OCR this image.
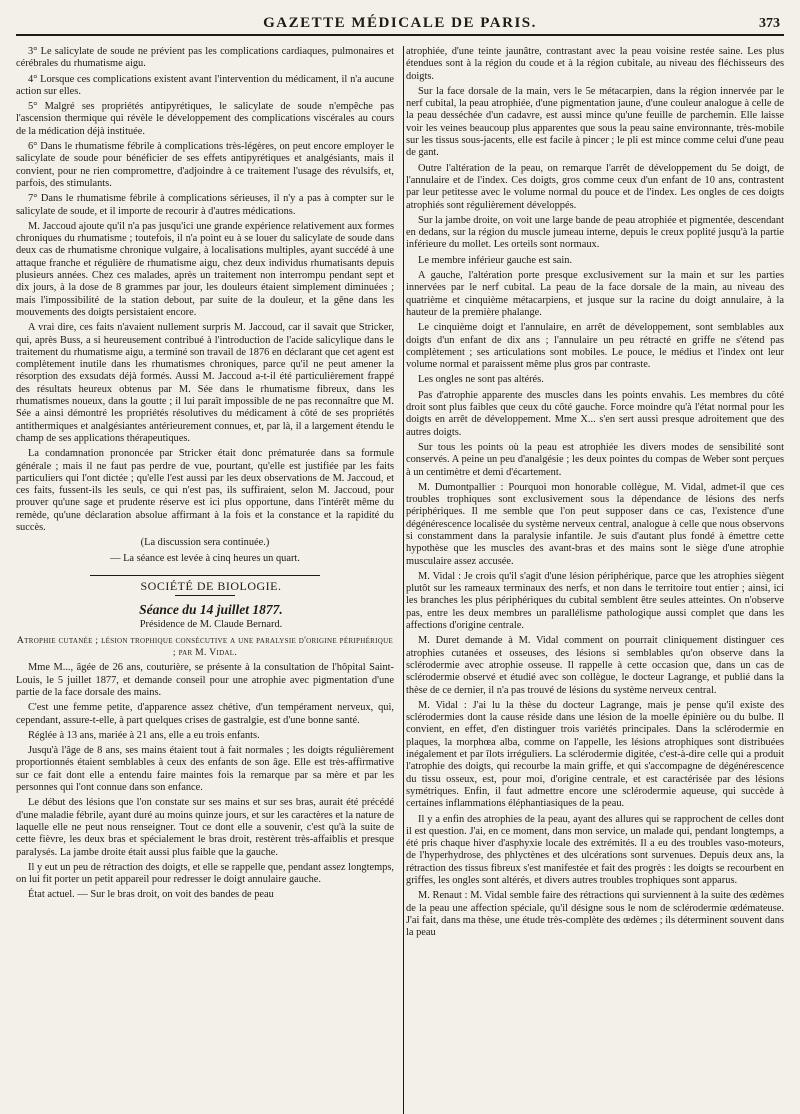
GAZETTE MÉDICALE DE PARIS.	373

3° Le salicylate de soude ne prévient pas les complications cardiaques, pulmonaires et cérébrales du rhumatisme aigu.

4° Lorsque ces complications existent avant l'intervention du médicament, il n'a aucune action sur elles.

5° Malgré ses propriétés antipyrétiques, le salicylate de soude n'empêche pas l'ascension thermique qui révèle le développement des complications viscérales au cours de la médication déjà instituée.

6° Dans le rhumatisme fébrile à complications très-légères, on peut encore employer le salicylate de soude pour bénéficier de ses effets antipyrétiques et analgésiants, mais il convient, pour ne rien compromettre, d'adjoindre à ce traitement l'usage des révulsifs, et, parfois, des stimulants.

7° Dans le rhumatisme fébrile à complications sérieuses, il n'y a pas à compter sur le salicylate de soude, et il importe de recourir à d'autres médications.

M. Jaccoud ajoute qu'il n'a pas jusqu'ici une grande expérience relativement aux formes chroniques du rhumatisme ; toutefois, il n'a point eu à se louer du salicylate de soude dans deux cas de rhumatisme chronique vulgaire, à localisations multiples, ayant succédé à une attaque franche et régulière de rhumatisme aigu, chez deux individus rhumatisants depuis plusieurs années. Chez ces malades, après un traitement non interrompu pendant sept et dix jours, à la dose de 8 grammes par jour, les douleurs étaient simplement diminuées ; mais l'impossibilité de la station debout, par suite de la douleur, et la gêne dans les mouvements des doigts persistaient encore.

A vrai dire, ces faits n'avaient nullement surpris M. Jaccoud, car il savait que Stricker, qui, après Buss, a si heureusement contribué à l'introduction de l'acide salicylique dans le traitement du rhumatisme aigu, a terminé son travail de 1876 en déclarant que cet agent est complètement inutile dans les rhumatismes chroniques, parce qu'il ne peut amener la résorption des exsudats déjà formés. Aussi M. Jaccoud a-t-il été particulièrement frappé des résultats heureux obtenus par M. Sée dans le rhumatisme fibreux, dans les rhumatismes noueux, dans la goutte ; il lui paraît impossible de ne pas reconnaître que M. Sée a ainsi démontré les propriétés résolutives du médicament à côté de ses propriétés antithermiques et analgésiantes antérieurement connues, et, par là, il a largement étendu le champ de ses applications thérapeutiques.

La condamnation prononcée par Stricker était donc prématurée dans sa formule générale ; mais il ne faut pas perdre de vue, pourtant, qu'elle est justifiée par les faits particuliers qui l'ont dictée ; qu'elle l'est aussi par les deux observations de M. Jaccoud, et ces faits, fussent-ils les seuls, ce qui n'est pas, ils suffiraient, selon M. Jaccoud, pour prouver qu'une sage et prudente réserve est ici plus opportune, dans l'intérêt même du remède, qu'une déclaration absolue affirmant à la fois et la constance et la rapidité du succès.

(La discussion sera continuée.)

— La séance est levée à cinq heures un quart.

SOCIÉTÉ DE BIOLOGIE.

Séance du 14 juillet 1877.

Présidence de M. Claude Bernard.

Atrophie cutanée ; lésion trophique consécutive a une paralysie d'origine périphérique ; par M. Vidal.

Mme M..., âgée de 26 ans, couturière, se présente à la consultation de l'hôpital Saint-Louis, le 5 juillet 1877, et demande conseil pour une atrophie avec pigmentation d'une partie de la face dorsale des mains.

C'est une femme petite, d'apparence assez chétive, d'un tempérament nerveux, qui, cependant, assure-t-elle, à part quelques crises de gastralgie, est d'une bonne santé.

Réglée à 13 ans, mariée à 21 ans, elle a eu trois enfants.

Jusqu'à l'âge de 8 ans, ses mains étaient tout à fait normales ; les doigts régulièrement proportionnés étaient semblables à ceux des enfants de son âge. Elle est très-affirmative sur ce fait dont elle a entendu faire maintes fois la remarque par sa mère et par les personnes qui l'ont connue dans son enfance.

Le début des lésions que l'on constate sur ses mains et sur ses bras, aurait été précédé d'une maladie fébrile, ayant duré au moins quinze jours, et sur les caractères et la nature de laquelle elle ne peut nous renseigner. Tout ce dont elle a souvenir, c'est qu'à la suite de cette fièvre, les deux bras et spécialement le bras droit, restèrent très-affaiblis et presque paralysés. La jambe droite était aussi plus faible que la gauche.

Il y eut un peu de rétraction des doigts, et elle se rappelle que, pendant assez longtemps, on lui fit porter un petit appareil pour redresser le doigt annulaire gauche.

État actuel. — Sur le bras droit, on voit des bandes de peau

atrophiée, d'une teinte jaunâtre, contrastant avec la peau voisine restée saine. Les plus étendues sont à la région du coude et à la région cubitale, au niveau des fléchisseurs des doigts.

Sur la face dorsale de la main, vers le 5e métacarpien, dans la région innervée par le nerf cubital, la peau atrophiée, d'une pigmentation jaune, d'une couleur analogue à celle de la peau desséchée d'un cadavre, est aussi mince qu'une feuille de parchemin. Elle laisse voir les veines beaucoup plus apparentes que sous la peau saine environnante, très-mobile sur les tissus sous-jacents, elle est facile à pincer ; le pli est mince comme celui d'une peau de gant.

Outre l'altération de la peau, on remarque l'arrêt de développement du 5e doigt, de l'annulaire et de l'index. Ces doigts, gros comme ceux d'un enfant de 10 ans, contrastent par leur petitesse avec le volume normal du pouce et de l'index. Les ongles de ces doigts atrophiés sont régulièrement développés.

Sur la jambe droite, on voit une large bande de peau atrophiée et pigmentée, descendant en dedans, sur la région du muscle jumeau interne, depuis le creux poplité jusqu'à la partie inférieure du mollet. Les orteils sont normaux.

Le membre inférieur gauche est sain.

A gauche, l'altération porte presque exclusivement sur la main et sur les parties innervées par le nerf cubital. La peau de la face dorsale de la main, au niveau des quatrième et cinquième métacarpiens, et jusque sur la racine du doigt annulaire, à la hauteur de la première phalange.

Le cinquième doigt et l'annulaire, en arrêt de développement, sont semblables aux doigts d'un enfant de dix ans ; l'annulaire un peu rétracté en griffe ne s'étend pas complètement ; ses articulations sont mobiles. Le pouce, le médius et l'index ont leur volume normal et paraissent même plus gros par contraste.

Les ongles ne sont pas altérés.

Pas d'atrophie apparente des muscles dans les points envahis. Les membres du côté droit sont plus faibles que ceux du côté gauche. Force moindre qu'à l'état normal pour les doigts en arrêt de développement. Mme X... s'en sert aussi presque adroitement que des autres doigts.

Sur tous les points où la peau est atrophiée les divers modes de sensibilité sont conservés. A peine un peu d'analgésie ; les deux pointes du compas de Weber sont perçues à un centimètre et demi d'écartement.

M. Dumontpallier : Pourquoi mon honorable collègue, M. Vidal, admet-il que ces troubles trophiques sont exclusivement sous la dépendance de lésions des nerfs périphériques. Il me semble que l'on peut supposer dans ce cas, l'existence d'une dégénérescence localisée du système nerveux central, analogue à celle que nous observons si constamment dans la paralysie infantile. Je suis d'autant plus fondé à émettre cette hypothèse que les muscles des avant-bras et des mains sont le siège d'une atrophie musculaire assez accusée.

M. Vidal : Je crois qu'il s'agit d'une lésion périphérique, parce que les atrophies siègent plutôt sur les rameaux terminaux des nerfs, et non dans le territoire tout entier ; ainsi, ici les branches les plus périphériques du cubital semblent être seules atteintes. On n'observe pas, entre les deux membres un parallélisme pathologique aussi complet que dans les affections d'origine centrale.

M. Duret demande à M. Vidal comment on pourrait cliniquement distinguer ces atrophies cutanées et osseuses, des lésions si semblables qu'on observe dans la sclérodermie avec atrophie osseuse. Il rappelle à cette occasion que, dans un cas de sclérodermie observé et étudié avec son collègue, le docteur Lagrange, et publié dans la thèse de ce dernier, il n'a pas trouvé de lésions du système nerveux central.

M. Vidal : J'ai lu la thèse du docteur Lagrange, mais je pense qu'il existe des sclérodermies dont la cause réside dans une lésion de la moelle épinière ou du bulbe. Il convient, en effet, d'en distinguer trois variétés principales. Dans la sclérodermie en plaques, la morphœa alba, comme on l'appelle, les lésions atrophiques sont distribuées inégalement et par îlots irréguliers. La sclérodermie digitée, c'est-à-dire celle qui a produit l'atrophie des doigts, qui recourbe la main griffe, et qui s'accompagne de dégénérescence du tissu osseux, est, pour moi, d'origine centrale, et est caractérisée par des lésions symétriques. Enfin, il faut admettre encore une sclérodermie aqueuse, qui succède à certaines inflammations éléphantiasiques de la peau.

Il y a enfin des atrophies de la peau, ayant des allures qui se rapprochent de celles dont il est question. J'ai, en ce moment, dans mon service, un malade qui, pendant longtemps, a été pris chaque hiver d'asphyxie locale des extrémités. Il a eu des troubles vaso-moteurs, de l'hyperhydrose, des phlyctènes et des ulcérations sont survenues. Depuis deux ans, la rétraction des tissus fibreux s'est manifestée et fait des progrès : les doigts se recourbent en griffes, les ongles sont altérés, et divers autres troubles trophiques sont apparus.

M. Renaut : M. Vidal semble faire des rétractions qui surviennent à la suite des œdèmes de la peau une affection spéciale, qu'il désigne sous le nom de sclérodermie œdémateuse. J'ai fait, dans ma thèse, une étude très-complète des œdèmes ; ils déterminent souvent dans la peau
